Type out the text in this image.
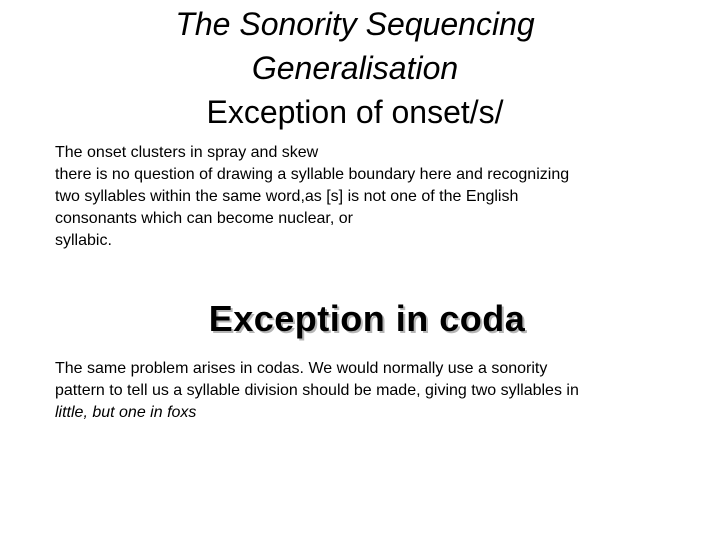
The Sonority Sequencing
Generalisation
Exception of onset/s/
The onset clusters in spray and skew
there is no question of drawing a syllable boundary here and recognizing
two syllables within the same word,as [s] is not one of the English
consonants which can become nuclear, or
syllabic.
Exception in coda
The same problem arises in codas. We would normally use a sonority
pattern to tell us a syllable division should be made, giving two syllables in
little, but one in foxs
